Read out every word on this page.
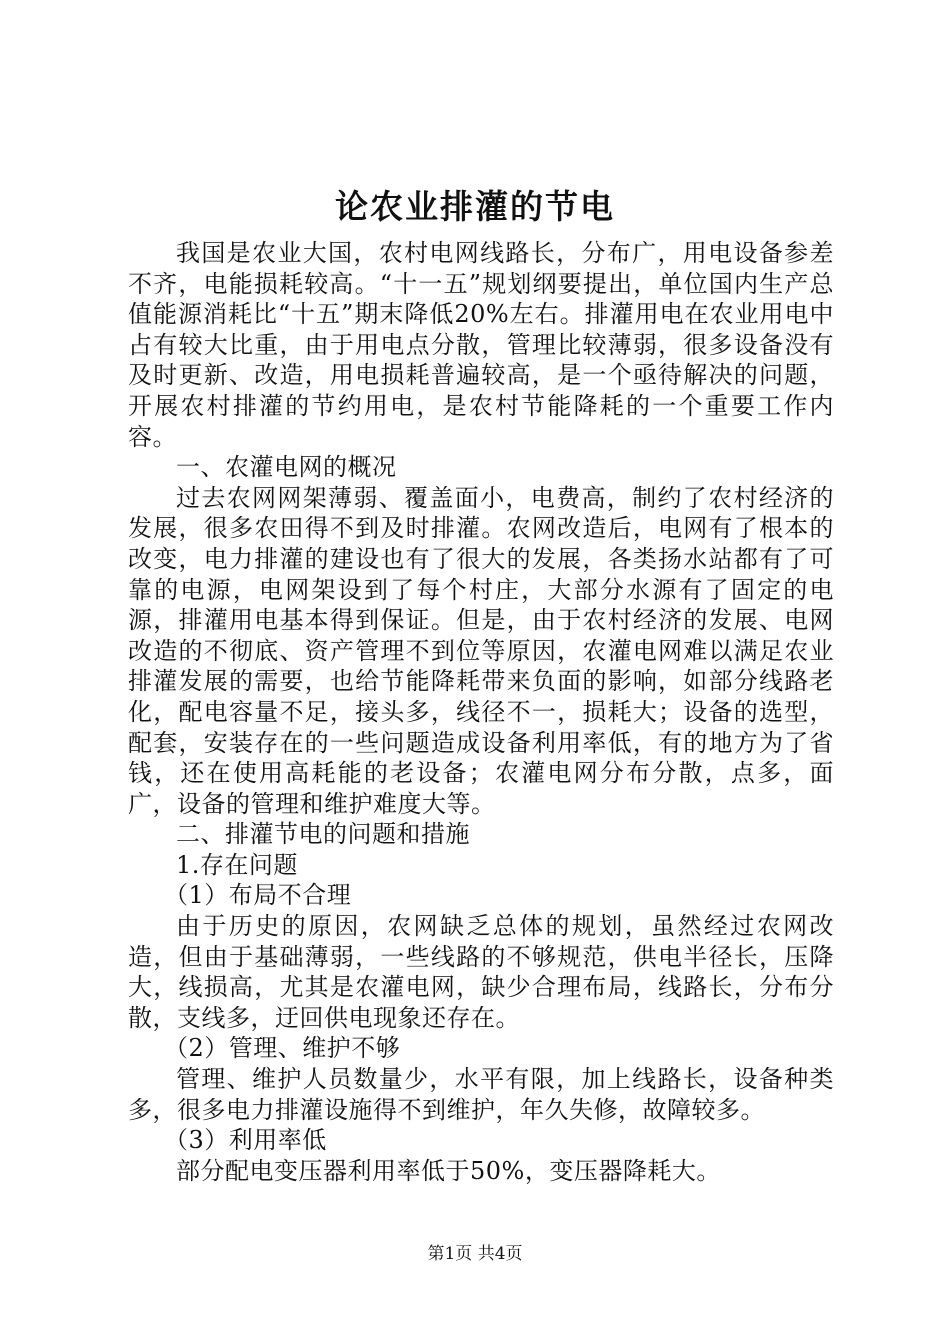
论农业排灌的节电

我国是农业大国，农村电网线路长，分布广，用电设备参差不齐，电能损耗较高。“十一五”规划纲要提出，单位国内生产总值能源消耗比“十五”期末降低20%左右。排灌用电在农业用电中占有较大比重，由于用电点分散，管理比较薄弱，很多设备没有及时更新、改造，用电损耗普遍较高，是一个亟待解决的问题，开展农村排灌的节约用电，是农村节能降耗的一个重要工作内容。

一、农灌电网的概况

过去农网网架薄弱、覆盖面小，电费高，制约了农村经济的发展，很多农田得不到及时排灌。农网改造后，电网有了根本的改变，电力排灌的建设也有了很大的发展，各类扬水站都有了可靠的电源，电网架设到了每个村庄，大部分水源有了固定的电源，排灌用电基本得到保证。但是，由于农村经济的发展、电网改造的不彻底、资产管理不到位等原因，农灌电网难以满足农业排灌发展的需要，也给节能降耗带来负面的影响，如部分线路老化，配电容量不足，接头多，线径不一，损耗大；设备的选型，配套，安装存在的一些问题造成设备利用率低，有的地方为了省钱，还在使用高耗能的老设备；农灌电网分布分散，点多，面广，设备的管理和维护难度大等。

二、排灌节电的问题和措施

1.存在问题

（1）布局不合理

由于历史的原因，农网缺乏总体的规划，虽然经过农网改造，但由于基础薄弱，一些线路的不够规范，供电半径长，压降大，线损高，尤其是农灌电网，缺少合理布局，线路长，分布分散，支线多，迂回供电现象还存在。

（2）管理、维护不够

管理、维护人员数量少，水平有限，加上线路长，设备种类多，很多电力排灌设施得不到维护，年久失修，故障较多。

（3）利用率低

部分配电变压器利用率低于50%，变压器降耗大。

第1页 共4页
